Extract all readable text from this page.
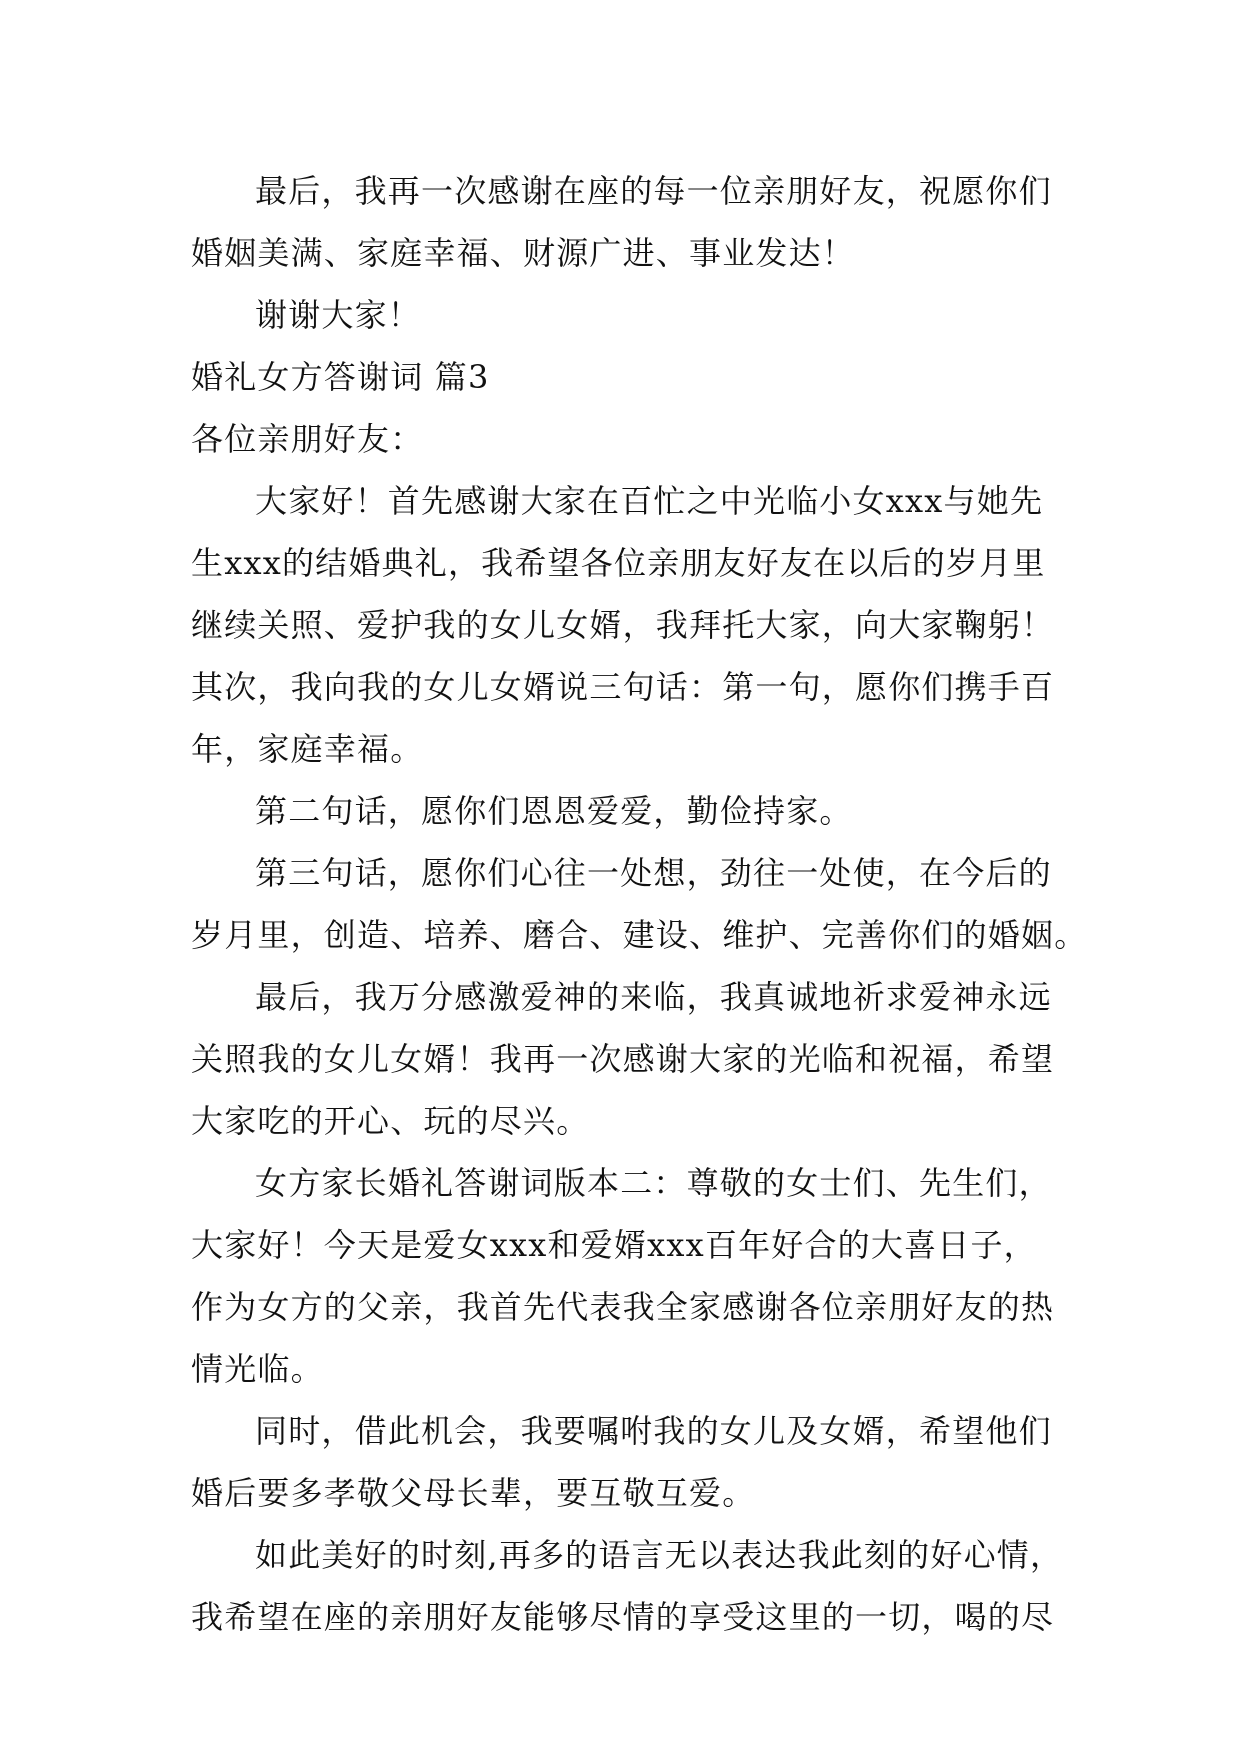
最后，我再一次感谢在座的每一位亲朋好友，祝愿你们
婚姻美满、家庭幸福、财源广进、事业发达！
谢谢大家！
婚礼女方答谢词 篇3
各位亲朋好友：
大家好！首先感谢大家在百忙之中光临小女xxx与她先
生xxx的结婚典礼，我希望各位亲朋友好友在以后的岁月里
继续关照、爱护我的女儿女婿，我拜托大家，向大家鞠躬！
其次，我向我的女儿女婿说三句话：第一句，愿你们携手百
年，家庭幸福。
第二句话，愿你们恩恩爱爱，勤俭持家。
第三句话，愿你们心往一处想，劲往一处使，在今后的
岁月里，创造、培养、磨合、建设、维护、完善你们的婚姻。
最后，我万分感激爱神的来临，我真诚地祈求爱神永远
关照我的女儿女婿！我再一次感谢大家的光临和祝福，希望
大家吃的开心、玩的尽兴。
女方家长婚礼答谢词版本二：尊敬的女士们、先生们，
大家好！今天是爱女xxx和爱婿xxx百年好合的大喜日子，
作为女方的父亲，我首先代表我全家感谢各位亲朋好友的热
情光临。
同时，借此机会，我要嘱咐我的女儿及女婿，希望他们
婚后要多孝敬父母长辈，要互敬互爱。
如此美好的时刻,再多的语言无以表达我此刻的好心情，
我希望在座的亲朋好友能够尽情的享受这里的一切，喝的尽
